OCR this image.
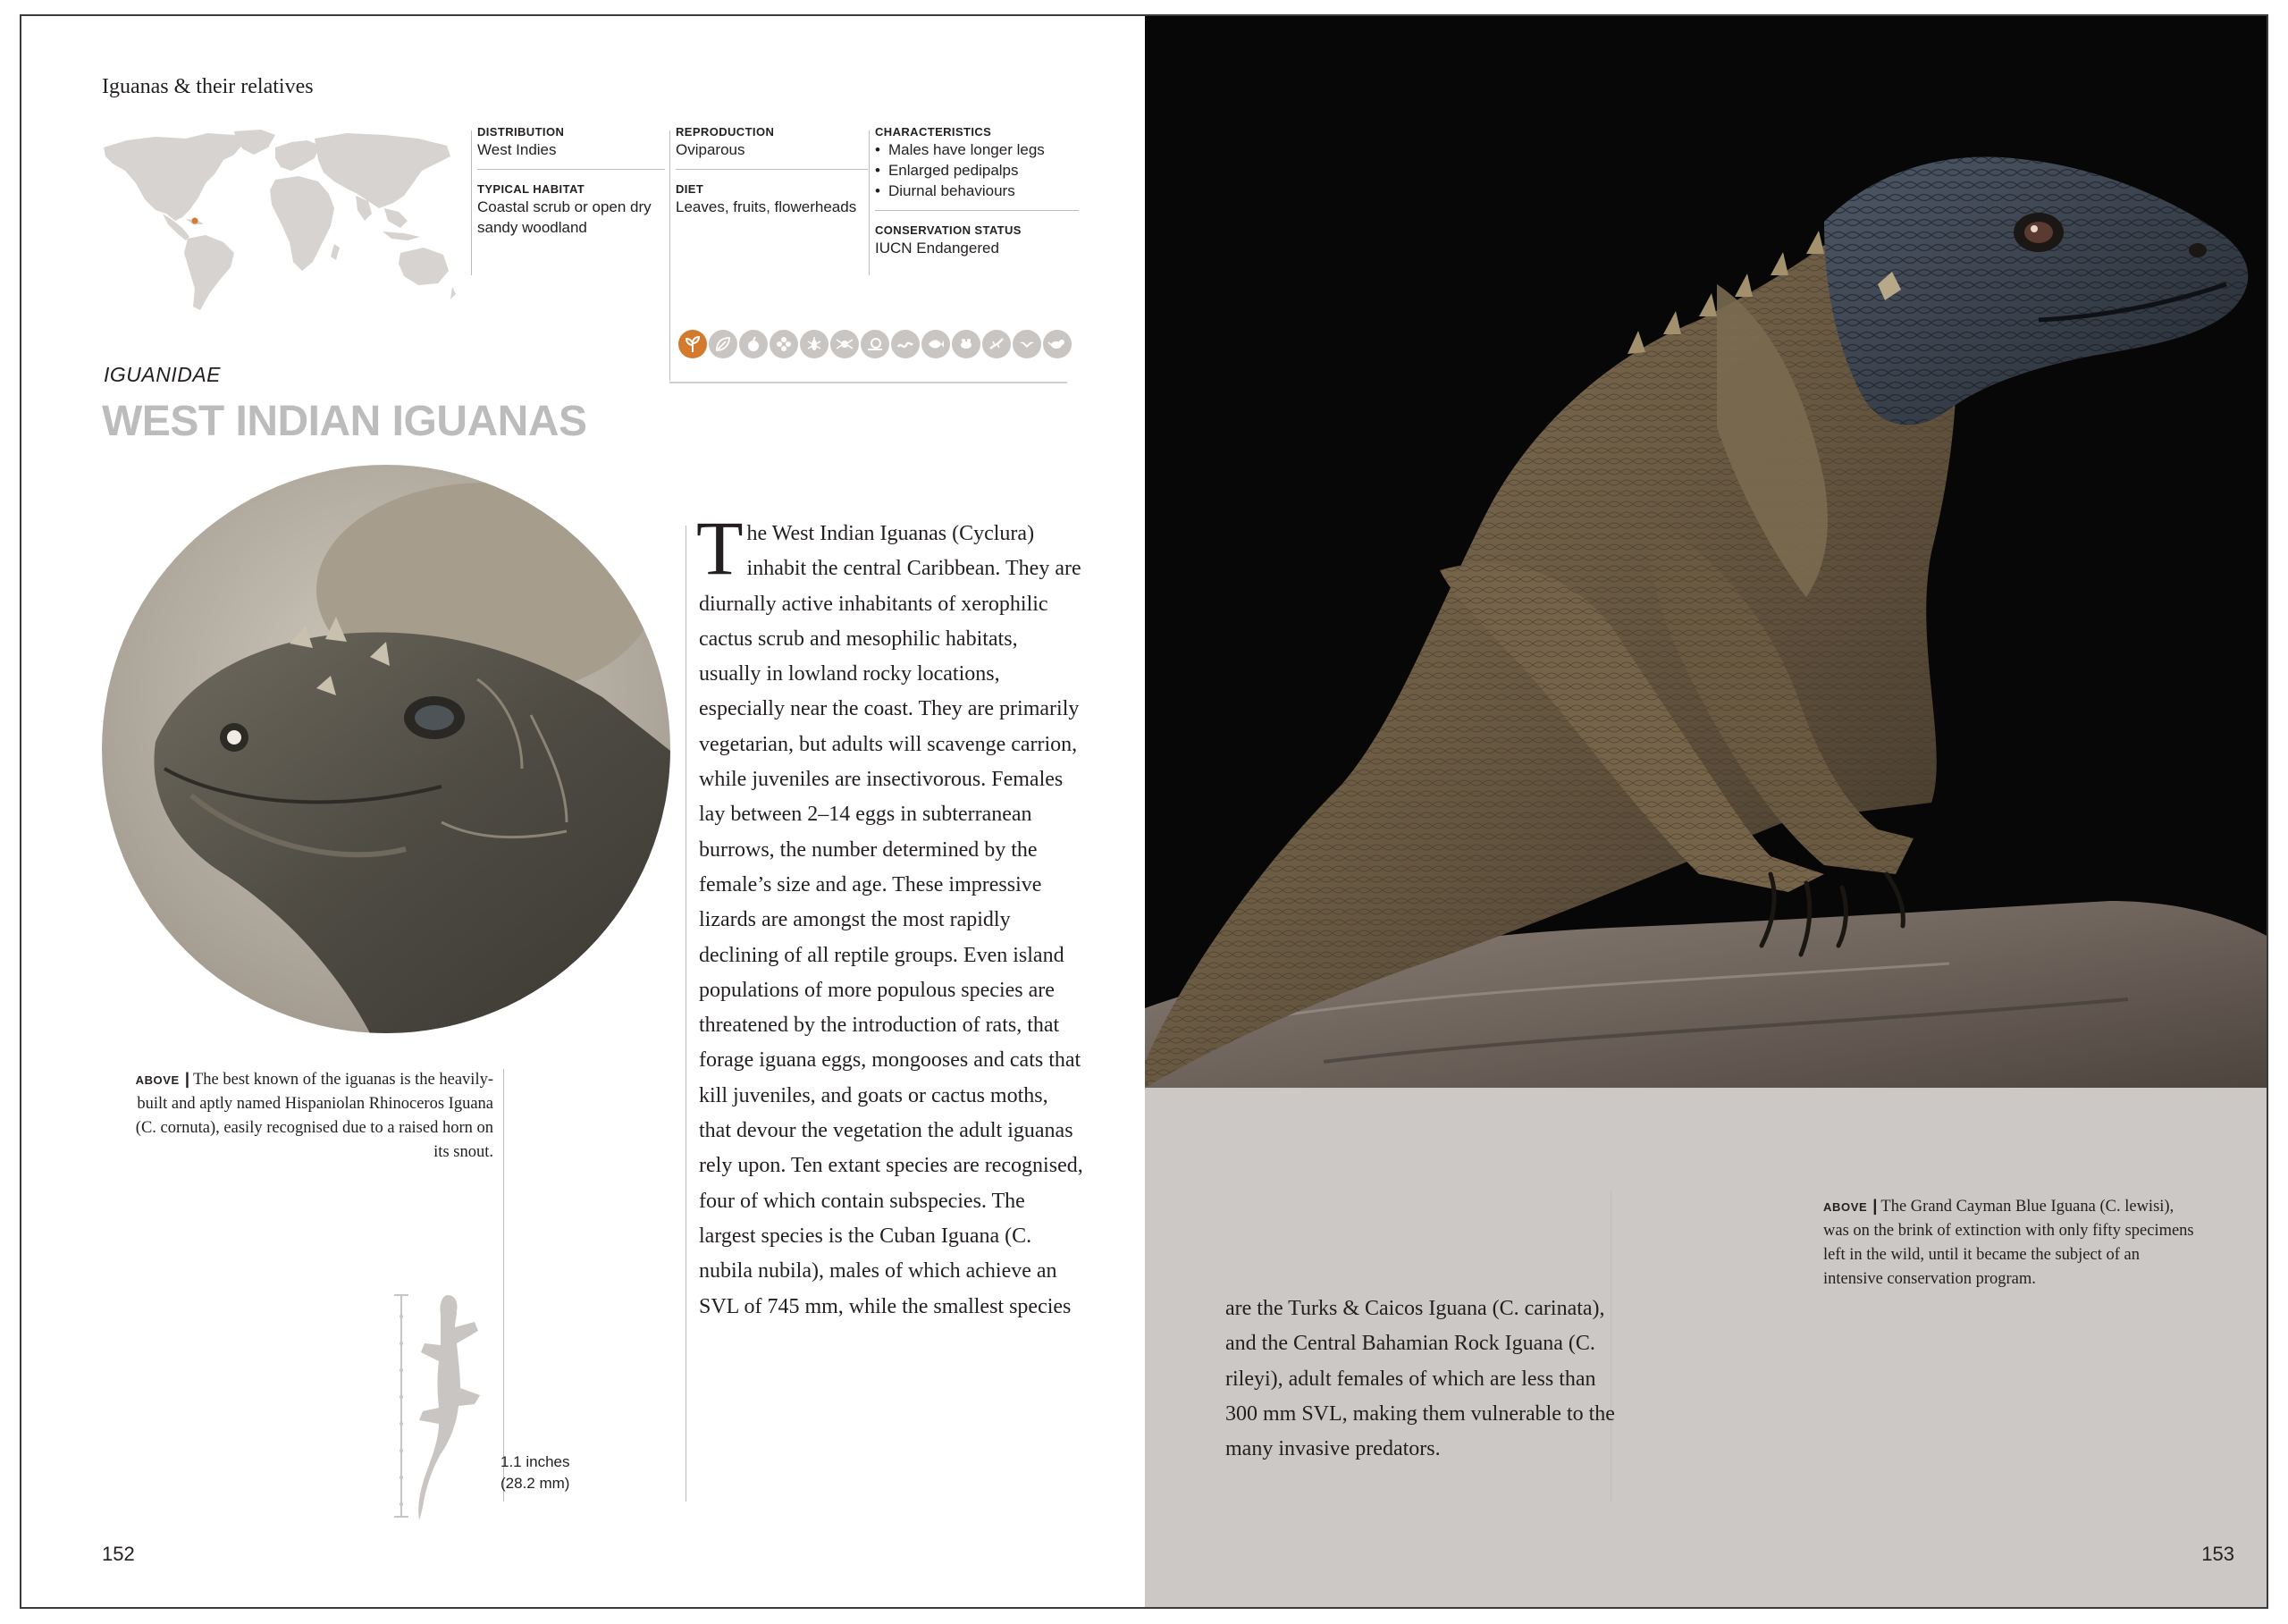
Iguanas & their relatives
DISTRIBUTION
West Indies
TYPICAL HABITAT
Coastal scrub or open dry sandy woodland
REPRODUCTION
Oviparous
DIET
Leaves, fruits, flowerheads
CHARACTERISTICS
• Males have longer legs
• Enlarged pedipalps
• Diurnal behaviours
CONSERVATION STATUS
IUCN Endangered
IGUANIDAE
WEST INDIAN IGUANAS
ABOVE | The best known of the iguanas is the heavily-built and aptly named Hispaniolan Rhinoceros Iguana (C. cornuta), easily recognised due to a raised horn on its snout.
1.1 inches
(28.2 mm)
The West Indian Iguanas (Cyclura) inhabit the central Caribbean. They are diurnally active inhabitants of xerophilic cactus scrub and mesophilic habitats, usually in lowland rocky locations, especially near the coast. They are primarily vegetarian, but adults will scavenge carrion, while juveniles are insectivorous. Females lay between 2–14 eggs in subterranean burrows, the number determined by the female’s size and age. These impressive lizards are amongst the most rapidly declining of all reptile groups. Even island populations of more populous species are threatened by the introduction of rats, that forage iguana eggs, mongooses and cats that kill juveniles, and goats or cactus moths, that devour the vegetation the adult iguanas rely upon. Ten extant species are recognised, four of which contain subspecies. The largest species is the Cuban Iguana (C. nubila nubila), males of which achieve an SVL of 745 mm, while the smallest species
152
are the Turks & Caicos Iguana (C. carinata), and the Central Bahamian Rock Iguana (C. rileyi), adult females of which are less than 300 mm SVL, making them vulnerable to the many invasive predators.
ABOVE | The Grand Cayman Blue Iguana (C. lewisi), was on the brink of extinction with only fifty specimens left in the wild, until it became the subject of an intensive conservation program.
153
